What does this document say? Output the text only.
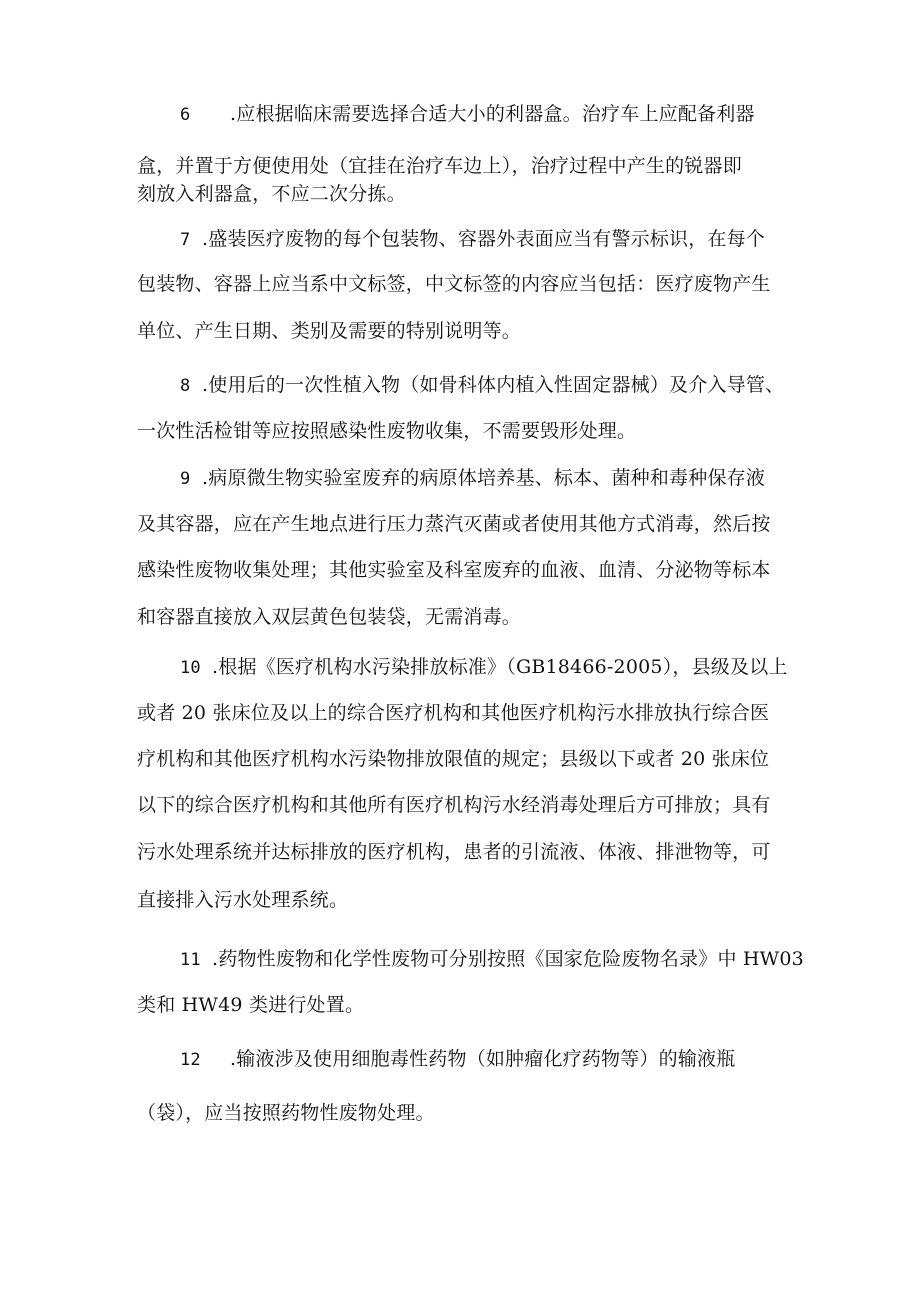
6 .应根据临床需要选择合适大小的利器盒。治疗车上应配备利器
盒，并置于方便使用处（宜挂在治疗车边上），治疗过程中产生的锐器即
刻放入利器盒，不应二次分拣。
7 .盛装医疗废物的每个包装物、容器外表面应当有警示标识，在每个
包装物、容器上应当系中文标签，中文标签的内容应当包括：医疗废物产生
单位、产生日期、类别及需要的特别说明等。
8 .使用后的一次性植入物（如骨科体内植入性固定器械）及介入导管、
一次性活检钳等应按照感染性废物收集，不需要毁形处理。
9 .病原微生物实验室废弃的病原体培养基、标本、菌种和毒种保存液
及其容器，应在产生地点进行压力蒸汽灭菌或者使用其他方式消毒，然后按
感染性废物收集处理；其他实验室及科室废弃的血液、血清、分泌物等标本
和容器直接放入双层黄色包装袋，无需消毒。
10 .根据《医疗机构水污染排放标准》（GB18466-2005），县级及以上
或者 20 张床位及以上的综合医疗机构和其他医疗机构污水排放执行综合医
疗机构和其他医疗机构水污染物排放限值的规定；县级以下或者 20 张床位
以下的综合医疗机构和其他所有医疗机构污水经消毒处理后方可排放；具有
污水处理系统并达标排放的医疗机构，患者的引流液、体液、排泄物等，可
直接排入污水处理系统。
11 .药物性废物和化学性废物可分别按照《国家危险废物名录》中 HW03
类和 HW49 类进行处置。
12 .输液涉及使用细胞毒性药物（如肿瘤化疗药物等）的输液瓶
（袋），应当按照药物性废物处理。
